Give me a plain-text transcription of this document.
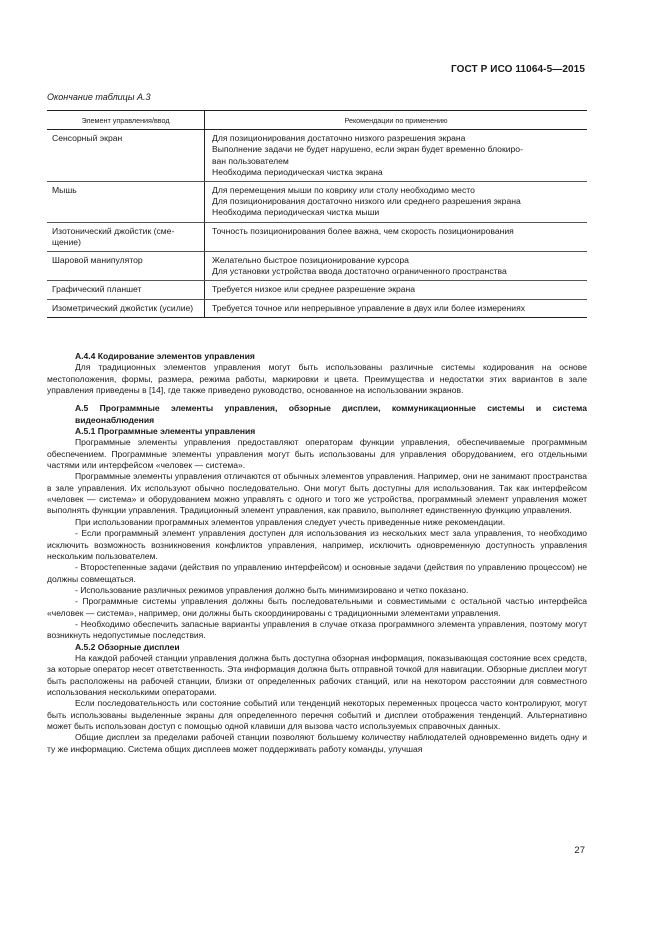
ГОСТ Р ИСО 11064-5—2015
Окончание таблицы А.3
Элемент управления/ввод	Рекомендации по применению
Сенсорный экран	Для позиционирования достаточно низкого разрешения экрана
Выполнение задачи не будет нарушено, если экран будет временно блокиро-
ван пользователем
Необходима периодическая чистка экрана

Мышь	Для перемещения мыши по коврику или столу необходимо место
Для позиционирования достаточно низкого или среднего разрешения экрана
Необходима периодическая чистка мыши

Изотонический джойстик (сме-щение)	Точность позиционирования более важна, чем скорость позиционирования

Шаровой манипулятор	Желательно быстрое позиционирование курсора
Для установки устройства ввода достаточно ограниченного пространства

Графический планшет	Требуется низкое или среднее разрешение экрана

Изометрический джойстик (усилие)	Требуется точное или непрерывное управление в двух или более измерениях

А.4.4 Кодирование элементов управления

Для традиционных элементов управления могут быть использованы различные системы кодирования на основе местоположения, формы, размера, режима работы, маркировки и цвета. Преимущества и недостатки этих вариантов в зале управления приведены в [14], где также приведено руководство, основанное на использовании экранов.

А.5 Программные элементы управления, обзорные дисплеи, коммуникационные системы и система видеонаблюдения

А.5.1 Программные элементы управления

Программные элементы управления предоставляют операторам функции управления, обеспечиваемые программным обеспечением. Программные элементы управления могут быть использованы для управления оборудованием, его отдельными частями или интерфейсом «человек — система».

Программные элементы управления отличаются от обычных элементов управления. Например, они не занимают пространства в зале управления. Их используют обычно последовательно. Они могут быть доступны для использования. Так как интерфейсом «человек — система» и оборудованием можно управлять с одного и того же устройства, программный элемент управления может выполнять функции управления. Традиционный элемент управления, как правило, выполняет единственную функцию управления.

При использовании программных элементов управления следует учесть приведенные ниже рекомендации.

- Если программный элемент управления доступен для использования из нескольких мест зала управления, то необходимо исключить возможность возникновения конфликтов управления, например, исключить одновременную доступность управления нескольким пользователем.

- Второстепенные задачи (действия по управлению интерфейсом) и основные задачи (действия по управлению процессом) не должны совмещаться.

- Использование различных режимов управления должно быть минимизировано и четко показано.

- Программные системы управления должны быть последовательными и совместимыми с остальной частью интерфейса «человек — система», например, они должны быть скоординированы с традиционными элементами управления.

- Необходимо обеспечить запасные варианты управления в случае отказа программного элемента управления, поэтому могут возникнуть недопустимые последствия.

А.5.2 Обзорные дисплеи

На каждой рабочей станции управления должна быть доступна обзорная информация, показывающая состояние всех средств, за которые оператор несет ответственность. Эта информация должна быть отправной точкой для навигации. Обзорные дисплеи могут быть расположены на рабочей станции, близки от определенных рабочих станций, или на некотором расстоянии для совместного использования несколькими операторами.

Если последовательность или состояние событий или тенденций некоторых переменных процесса часто контролируют, могут быть использованы выделенные экраны для определенного перечня событий и дисплеи отображения тенденций. Альтернативно может быть использован доступ с помощью одной клавиши для вызова часто используемых справочных данных.

Общие дисплеи за пределами рабочей станции позволяют большему количеству наблюдателей одновременно видеть одну и ту же информацию. Система общих дисплеев может поддерживать работу команды, улучшая

27
